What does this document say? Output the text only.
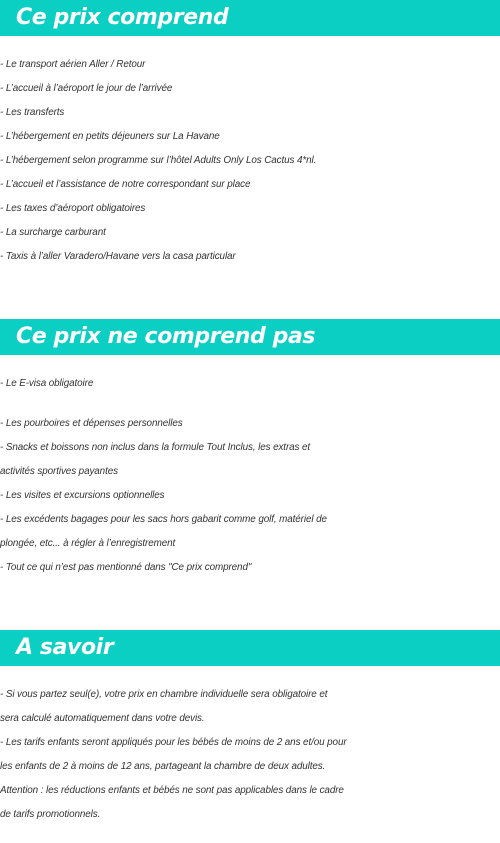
Ce prix comprend
- Le transport aérien Aller / Retour
- L’accueil à l’aéroport le jour de l’arrivée
- Les transferts
- L’hébergement en petits déjeuners sur La Havane
- L’hébergement selon programme sur l’hôtel Adults Only Los Cactus 4*nl.
- L’accueil et l’assistance de notre correspondant sur place
- Les taxes d’aéroport obligatoires
- La surcharge carburant
- Taxis à l’aller Varadero/Havane vers la casa particular
Ce prix ne comprend pas
- Le E-visa obligatoire
- Les pourboires et dépenses personnelles
- Snacks et boissons non inclus dans la formule Tout Inclus, les extras et
activités sportives payantes
- Les visites et excursions optionnelles
- Les excédents bagages pour les sacs hors gabarit comme golf, matériel de
plongée, etc... à régler à l’enregistrement
- Tout ce qui n’est pas mentionné dans "Ce prix comprend"
A savoir
- Si vous partez seul(e), votre prix en chambre individuelle sera obligatoire et
sera calculé automatiquement dans votre devis.
- Les tarifs enfants seront appliqués pour les bébés de moins de 2 ans et/ou pour
les enfants de 2 à moins de 12 ans, partageant la chambre de deux adultes.
Attention : les réductions enfants et bébés ne sont pas applicables dans le cadre
de tarifs promotionnels.
